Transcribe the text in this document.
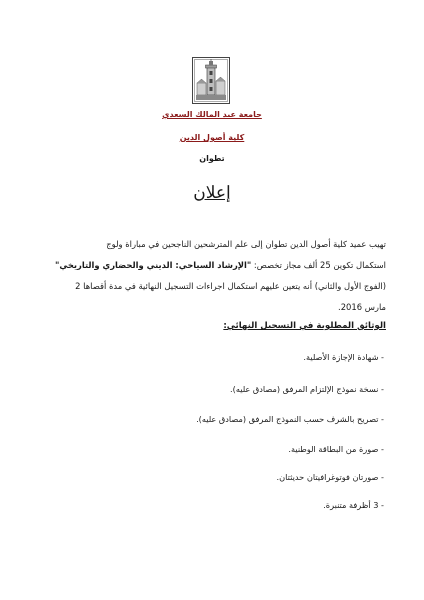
جامعة عبد المالك السعدي
كلية أصول الدين
تطوان
إعلان
تهيب عميد كلية أصول الدين تطوان إلى علم المترشحين الناجحين في مباراة ولوج
استكمال تكوين 25 ألف مجاز تخصص: "الإرشاد السياحي: الديني والحضاري والتاريخي"
(الفوج الأول والثاني) أنه يتعين عليهم استكمال اجراءات التسجيل النهائية في مدة أقصاها 2
مارس 2016.
الوثائق المطلوبة في التسجيل النهائي:
- شهادة الإجازة الأصلية.
- نسخة نموذج الإلتزام المرفق (مصادق عليه).
- تصريح بالشرف حسب النموذج المرفق (مصادق عليه).
- صورة من البطاقة الوطنية.
- صورتان فوتوغرافيتان حديثتان.
- 3 أظرفة متنبرة.
